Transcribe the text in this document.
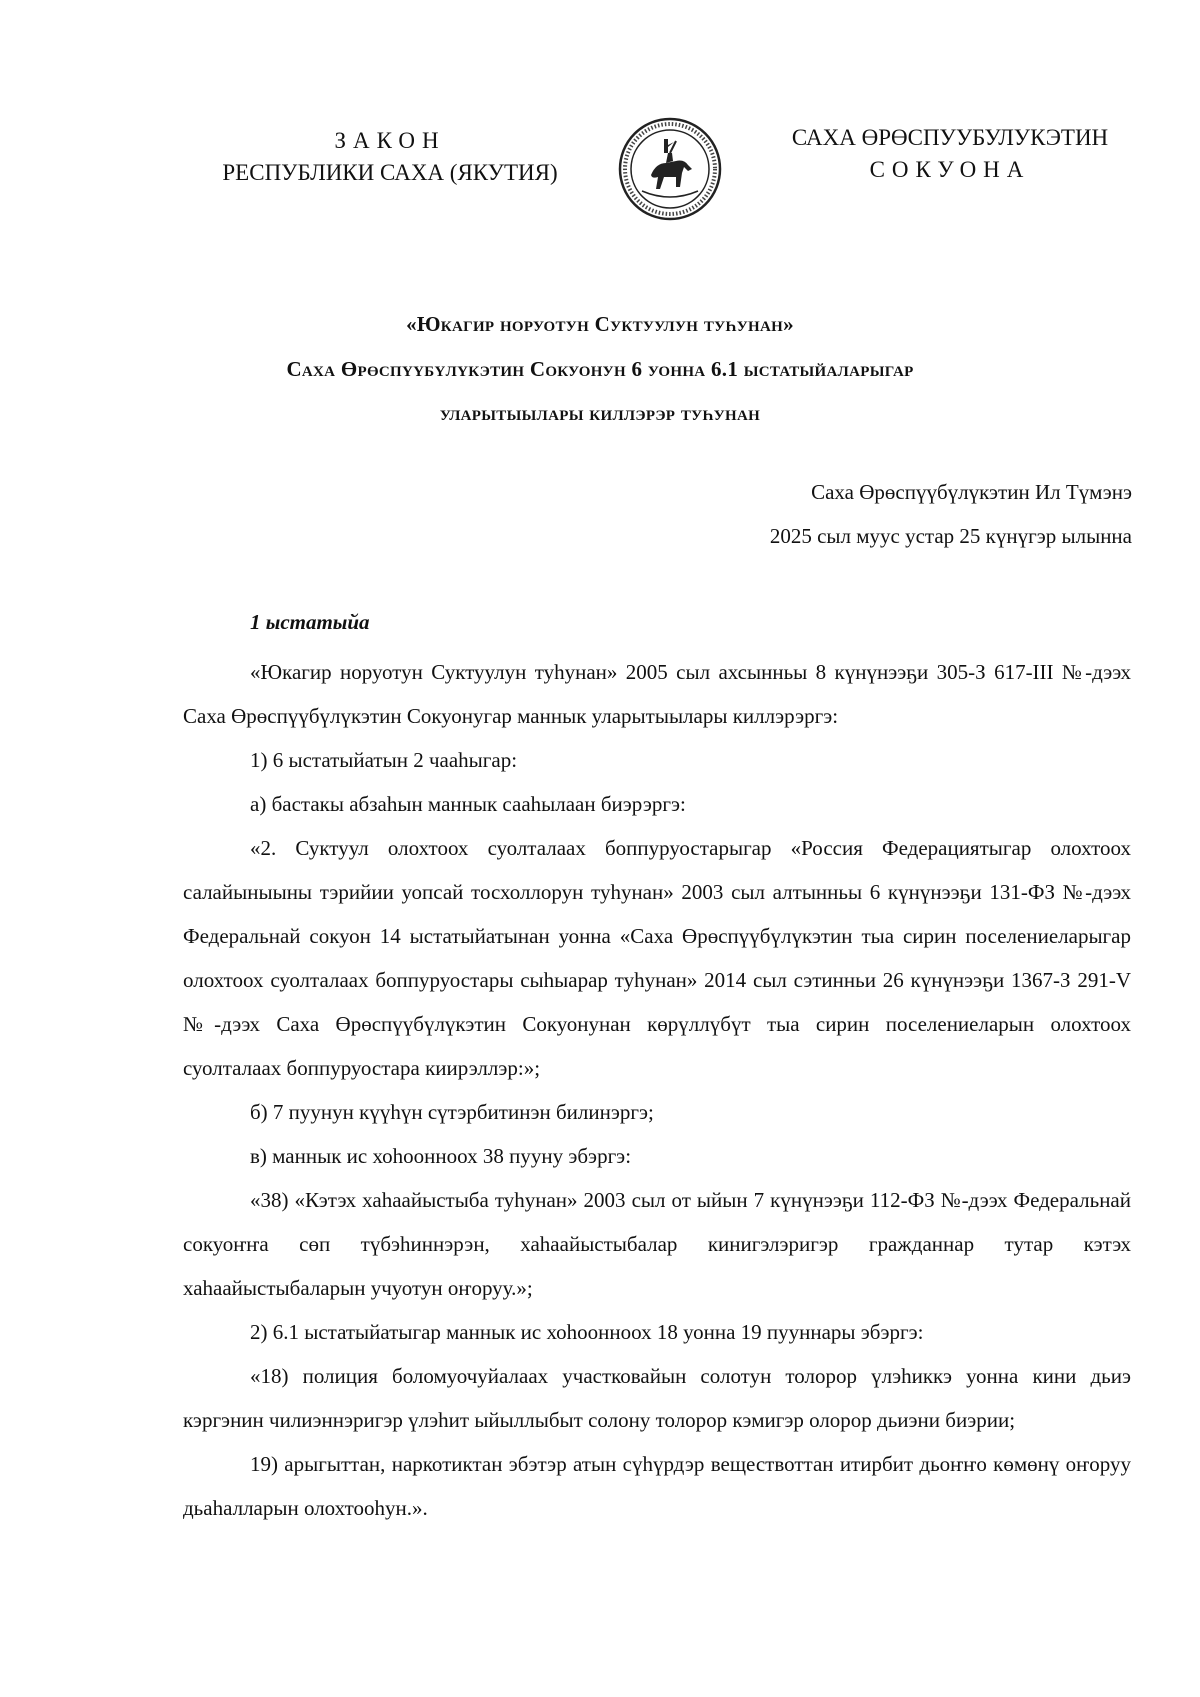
ЗАКОН
РЕСПУБЛИКИ САХА (ЯКУТИЯ)
САХА ӨРӨСПУУБУЛУКЭТИН
СОКУОНА
«Юкагир норуотун Суктуулун туһунан»
Саха Өрөспүүбүлүкэтин Сокуонун 6 уонна 6.1 ыстатыйаларыгар
уларытыылары киллэрэр туһунан
Саха Өрөспүүбүлүкэтин Ил Түмэнэ
2025 сыл муус устар 25 күнүгэр ылынна
1 ыстатыйа

«Юкагир норуотун Суктуулун туһунан» 2005 сыл ахсынньы 8 күнүнээҕи 305-З 617-III №-дээх Саха Өрөспүүбүлүкэтин Сокуонугар маннык уларытыылары киллэрэргэ:

1) 6 ыстатыйатын 2 чааһыгар:

а) бастакы абзаһын маннык сааһылаан биэрэргэ:

«2. Суктуул олохтоох суолталаах боппуруостарыгар «Россия Федерациятыгар олохтоох салайыныыны тэрийии уопсай тосхоллорун туһунан» 2003 сыл алтынньы 6 күнүнээҕи 131-ФЗ №-дээх Федеральнай сокуон 14 ыстатыйатынан уонна «Саха Өрөспүүбүлүкэтин тыа сирин поселениеларыгар олохтоох суолталаах боппуруостары сыһыарар туһунан» 2014 сыл сэтинньи 26 күнүнээҕи 1367-З 291-V №-дээх Саха Өрөспүүбүлүкэтин Сокуонунан көрүллүбүт тыа сирин поселениеларын олохтоох суолталаах боппуруостара киирэллэр:»;

б) 7 пуунун күүһүн сүтэрбитинэн билинэргэ;

в) маннык ис хоһоонноох 38 пууну эбэргэ:

«38) «Кэтэх хаһаайыстыба туһунан» 2003 сыл от ыйын 7 күнүнээҕи 112-ФЗ №-дээх Федеральнай сокуоҥҥа сөп түбэһиннэрэн, хаһаайыстыбалар кинигэлэригэр гражданнар тутар кэтэх хаһаайыстыбаларын учуотун оҥоруу.»;

2) 6.1 ыстатыйатыгар маннык ис хоһоонноох 18 уонна 19 пууннары эбэргэ:

«18) полиция боломуочуйалаах участковайын солотун толорор үлэһиккэ уонна кини дьиэ кэргэнин чилиэннэригэр үлэһит ыйыллыбыт солону толорор кэмигэр олорор дьиэни биэрии;

19) арыгыттан, наркотиктан эбэтэр атын сүһүрдэр веществоттан итирбит дьоҥҥо көмөнү оҥоруу дьаһалларын олохтооһун.».
